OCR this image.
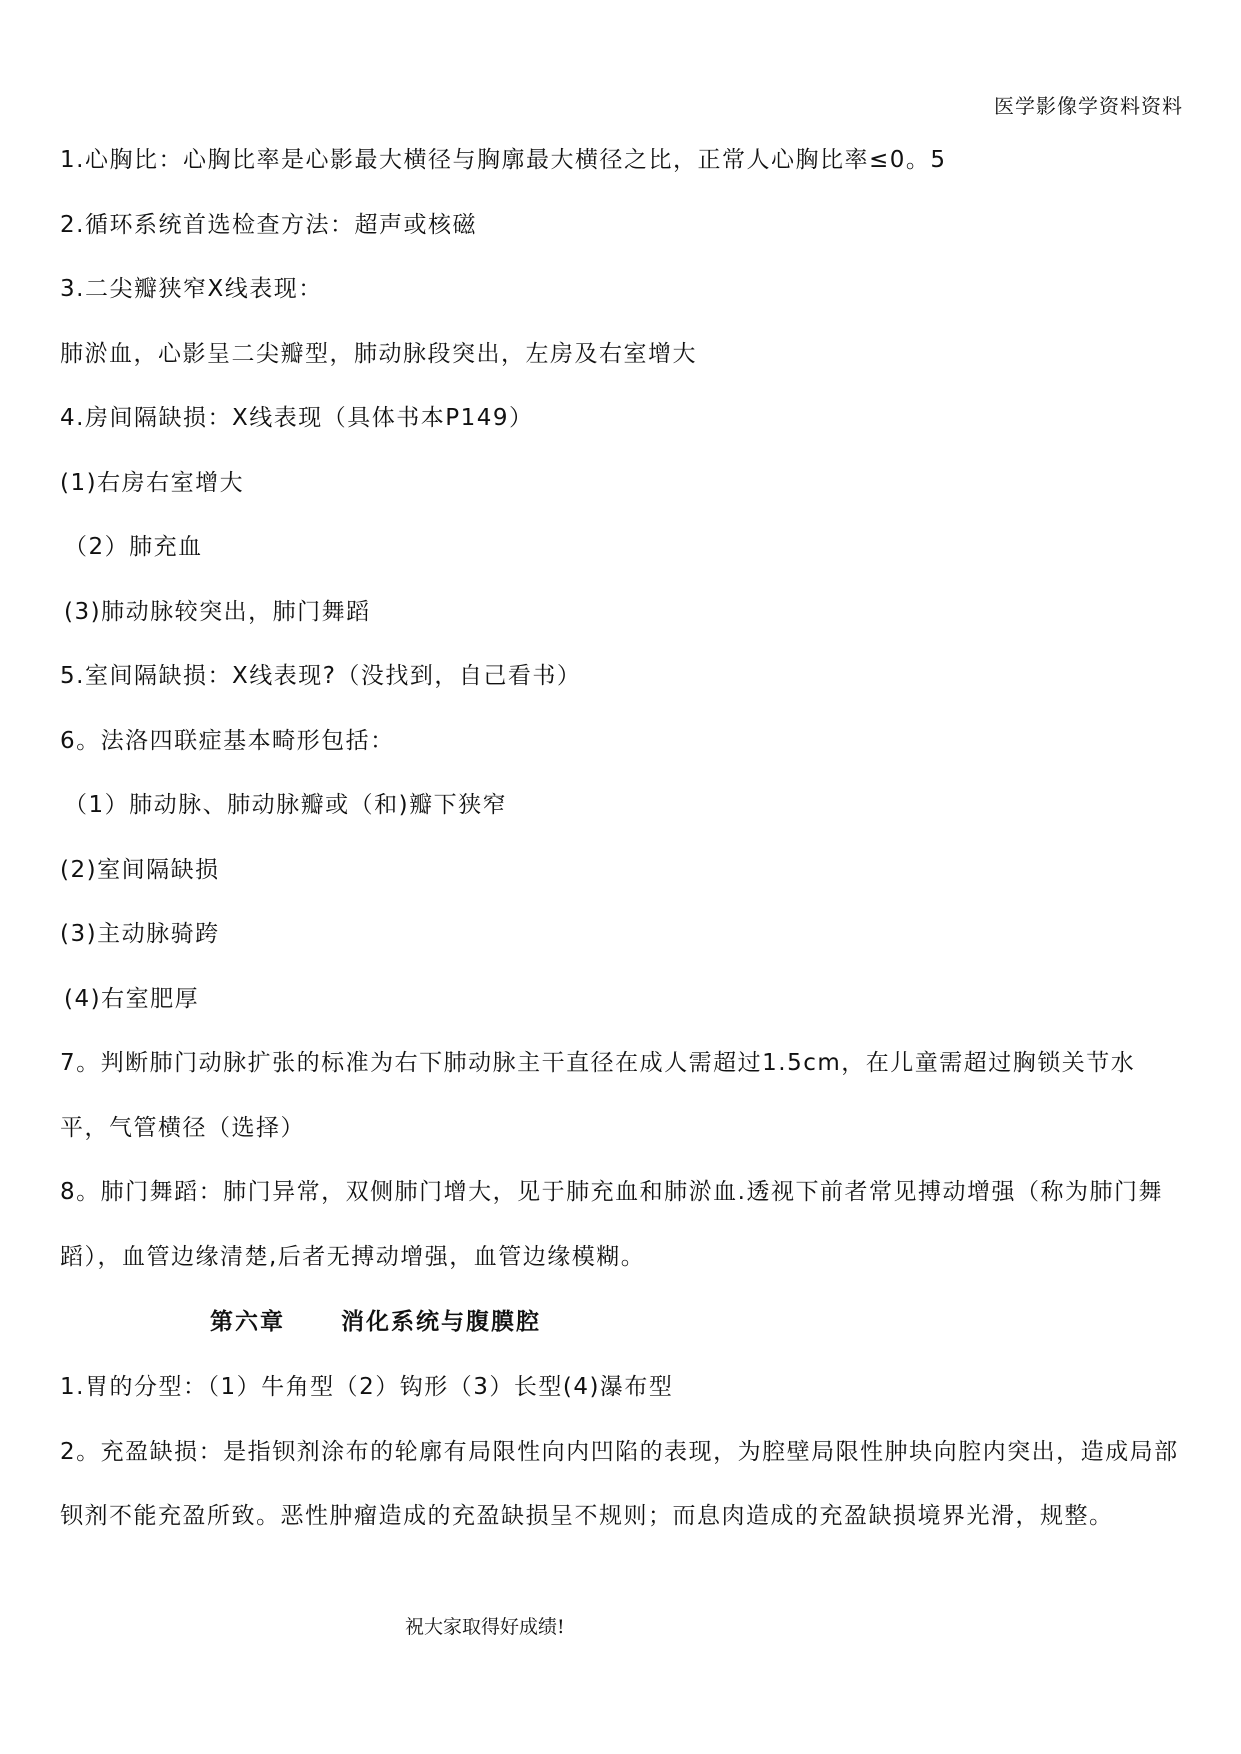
医学影像学资料资料
1.心胸比：心胸比率是心影最大横径与胸廓最大横径之比，正常人心胸比率≤0。5
2.循环系统首选检查方法：超声或核磁
3.二尖瓣狭窄X线表现：
肺淤血，心影呈二尖瓣型，肺动脉段突出，左房及右室增大
4.房间隔缺损：X线表现（具体书本P149）
(1)右房右室增大
（2）肺充血
(3)肺动脉较突出，肺门舞蹈
5.室间隔缺损：X线表现?（没找到，自己看书）
6。法洛四联症基本畸形包括：
（1）肺动脉、肺动脉瓣或（和)瓣下狭窄
(2)室间隔缺损
(3)主动脉骑跨
(4)右室肥厚
7。判断肺门动脉扩张的标准为右下肺动脉主干直径在成人需超过1.5cm，在儿童需超过胸锁关节水平，气管横径（选择）
8。肺门舞蹈：肺门异常，双侧肺门增大，见于肺充血和肺淤血.透视下前者常见搏动增强（称为肺门舞蹈），血管边缘清楚,后者无搏动增强，血管边缘模糊。
第六章 消化系统与腹膜腔
1.胃的分型：（1）牛角型（2）钩形（3）长型(4)瀑布型
2。充盈缺损：是指钡剂涂布的轮廓有局限性向内凹陷的表现，为腔壁局限性肿块向腔内突出，造成局部钡剂不能充盈所致。恶性肿瘤造成的充盈缺损呈不规则；而息肉造成的充盈缺损境界光滑，规整。
祝大家取得好成绩!
